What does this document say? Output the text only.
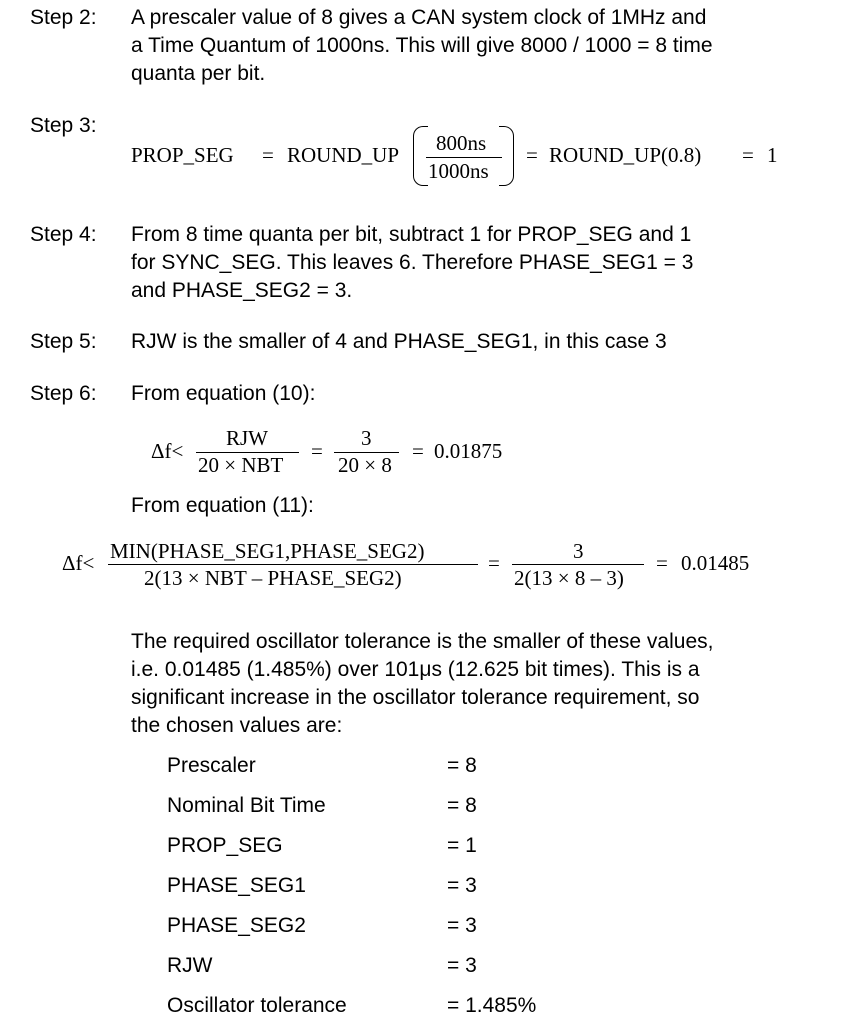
Step 2: A prescaler value of 8 gives a CAN system clock of 1MHz and
a Time Quantum of 1000ns. This will give 8000 / 1000 = 8 time
quanta per bit.
Step 3:
PROP_SEG = ROUND_UP 800ns
1000ns
= ROUND_UP(0.8) = 1
Step 4: From 8 time quanta per bit, subtract 1 for PROP_SEG and 1
for SYNC_SEG. This leaves 6. Therefore PHASE_SEG1 = 3
and PHASE_SEG2 = 3.
Step 5: RJW is the smaller of 4 and PHASE_SEG1, in this case 3
Step 6: From equation (10):
Δf<
RJW
20 × NBT
=
3
20 × 8
= 0.01875
From equation (11):
Δf< MIN(PHASE_SEG1,PHASE_SEG2)
2(13 × NBT – PHASE_SEG2)
=	3
2(13 × 8 – 3)
= 0.01485
The required oscillator tolerance is the smaller of these values,
i.e. 0.01485 (1.485%) over 101μs (12.625 bit times). This is a
significant increase in the oscillator tolerance requirement, so
the chosen values are:
Prescaler	= 8
Nominal Bit Time	= 8
PROP_SEG	= 1
PHASE_SEG1	= 3
PHASE_SEG2	= 3
RJW	= 3
Oscillator tolerance	= 1.485%
